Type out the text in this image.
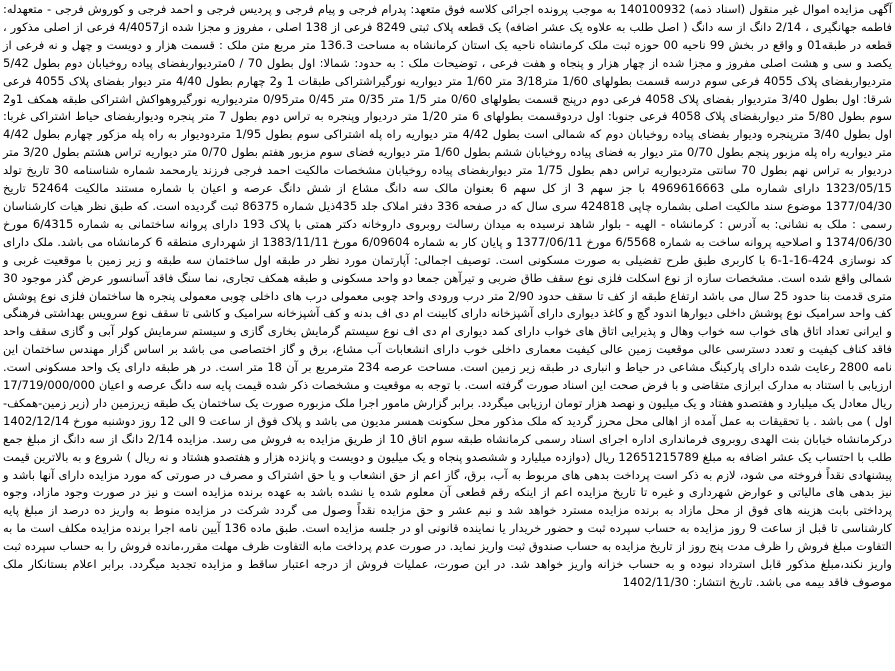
آگهی مزایده اموال غیر منقول (اسناد ذمه) 140100932 به موجب پرونده اجرائی کلاسه فوق متعهد: پدرام فرجی و پیام فرجی و پردیس فرجی و احمد فرجی و کوروش فرجی - متعهدله: فاطمه جهانگیری ، 2/14 دانگ از سه دانگ ( اصل طلب به علاوه یک عشر اضافه) یک قطعه پلاک ثبتی 8249 فرعی از 138 اصلی ، مفروز و مجزا شده از4/4057 فرعی از اصلی مذکور ، قطعه در طبقه01 و واقع در بخش 99 ناحیه 00 حوزه ثبت ملک کرمانشاه ناحیه یک استان کرمانشاه به مساحت 136.3 متر مربع متن ملک : قسمت هزار و دویست و چهل و نه فرعی از یکصد و سی و هشت اصلی مفروز و مجزا شده از چهار هزار و پنجاه و هفت فرعی ، توضیحات ملک : به حدود: شمالا: اول بطول 70 / 0مترديواربفضای پیاده روخیابان دوم بطول 5/42 متردیواربفضای پلاک 4055 فرعی سوم درسه قسمت بطولهای 1/60 متر3/18 متر 1/60 متر دیواریه نورگیراشتراکی طبقات 1 و2 چهارم بطول 4/40 متر دیوار بفضای پلاک 4055 فرعی شرقا: اول بطول 3/40 متردیوار بفضای پلاک 4058 فرعی دوم درپنج قسمت بطولهای 0/60 متر 1/5 متر 0/35 متر 0/45 متر0/95 متردیواریه نورگیروهواکش اشتراکی طبقه همکف 1و2 سوم بطول 5/80 متر دیواربفضای پلاک 4058 فرعی جنوبا: اول دردوقسمت بطولهای 6 متر 1/20 متر دردیوار وپنجره به تراس دوم بطول 7 متر پنجره وديواربفضای حیاط اشتراکی غربا: اول بطول 3/40 مترپنجره ودیوار بفضای پیاده روخیابان دوم که شمالی است بطول 4/42 متر دیواریه راه پله اشتراکی سوم بطول 1/95 متردودیوار به راه پله مزکور چهارم بطول 4/42 متر دیواریه راه پله مزبور پنجم بطول 0/70 متر دیوار به فضای پیاده روخیابان ششم بطول 1/60 متر دیواریه فضای سوم مزبور هفتم بطول 0/70 متر دیواریه تراس هشتم بطول 3/20 متر دردیوار به تراس نهم بطول 70 سانتی متردیواریه تراس دهم بطول 1/75 متر دیواربفضای پیاده روخیابان مشخصات مالکیت احمد فرجی فرزند یارمحمد شماره شناسنامه 30 تاریخ تولد 1323/05/15 دارای شماره ملی 4969616663 با جز سهم 3 از کل سهم 6 بعنوان مالک سه دانگ مشاع از شش دانگ عرصه و اعیان با شماره مستند مالکیت 52464 تاریخ 1377/04/30 موضوع سند مالکیت اصلی بشماره چاپی 424818 سری سال که در صفحه 336 دفتر املاک جلد 435ذیل شماره 86375 ثبت گردیده است. که طبق نظر هیات کارشناسان رسمی : ملک به نشانی: به آدرس : کرمانشاه - الهیه - بلوار شاهد نرسیده به میدان رسالت روبروی داروخانه دکتر همتی با پلاک 193 دارای پروانه ساختمانی به شماره 6/4315 مورخ 1374/06/30 و اصلاحیه پروانه ساخت به شماره 6/5568 مورخ 1377/06/11 و پایان کار به شماره 6/09604 مورخ 1383/11/11 از شهرداری منطقه 6 کرمانشاه می باشد. ملک دارای کد نوسازی 424-16-1-6 با کاربری طبق طرح تفضیلی به صورت مسکونی است. توصیف اجمالی: آپارتمان مورد نظر در طبقه اول ساختمان سه طبقه و زیر زمین با موقعیت غربی و شمالی واقع شده است. مشخصات سازه از نوع اسکلت فلزی نوع سقف طاق ضربی و تیرآهن جمعا دو واحد مسکونی و طبقه همکف تجاری، نما سنگ فاقد آسانسور عرض گذر موجود 30 متری قدمت بنا حدود 25 سال می باشد ارتفاع طبقه از کف تا سقف حدود 2/90 متر درب ورودی واحد چوبی معمولی درب های داخلی چوبی معمولی پنجره ها ساختمان فلزی نوع پوشش کف واحد سرامیک نوع پوشش داخلی دیوارها اندود گچ و کاغذ دیواری دارای آشپزخانه دارای کابینت ام دی اف بدنه و کف آشپزخانه سرامیک و کاشی تا سقف نوع سرویس بهداشتی فرهنگی و ایرانی تعداد اتاق های خواب سه خواب وهال و پذیرایی اتاق های خواب دارای کمد دیواری ام دی اف نوع سیستم گرمایش بخاری گازی و سیستم سرمایش کولر آبی و گازی سقف واحد فاقد کناف کیفیت و تعدد دسترسی عالی موقعیت زمین عالی کیفیت معماری داخلی خوب دارای انشعابات آب مشاع، برق و گاز اختصاصی می باشد بر اساس گزار مهندس ساختمان این نامه 2800 رعایت شده دارای پارکینگ مشاعی در حیاط و انباری در طبقه زیر زمین است. مساحت عرصه 234 مترمربع بر آن 18 متر است. در هر طبقه دارای یک واحد مسکونی است. ارزیابی با استناد به مدارک ابرازی متقاضی و با فرض صحت این اسناد صورت گرفته است. با توجه به موقعیت و مشخصات ذکر شده قیمت پایه سه دانگ عرصه و اعیان 17/719/000/000 ریال معادل یک میلیارد و هفتصدو هفتاد و یک میلیون و نهصد هزار تومان ارزیابی میگردد. برابر گزارش مامور اجرا ملک مزبوره صورت یک ساختمان یک طبقه زیرزمین دار (زیر زمین-همکف-اول ) می باشد . با تحقیقات به عمل آمده از اهالی محل محرز گردید که ملک مذکور محل سکونت همسر مدیون می باشد و پلاک فوق از ساعت 9 الی 12 روز دوشنبه مورخ 1402/12/14 درکرمانشاه خیابان بنت الهدی روبروی فرمانداری اداره اجرای اسناد رسمی کرمانشاه طبقه سوم اتاق 10 از طریق مزایده به فروش می رسد. مزایده 2/14 دانگ از سه دانگ از مبلغ جمع طلب با احتساب یک عشر اضافه به مبلغ 12651215789 ریال (دوازده میلیارد و ششصدو پنجاه و یک میلیون و دویست و پانزده هزار و هفتصدو هشتاد و نه ریال ) شروع و به بالاترین قیمت پیشنهادی نقداً فروخته می شود، لازم به ذکر است پرداخت بدهی های مربوط به آب، برق، گاز اعم از حق انشعاب و یا حق اشتراک و مصرف در صورتی که مورد مزایده دارای آنها باشد و نیز بدهی های مالیاتی و عوارض شهرداری و غیره تا تاریخ مزایده اعم از اینکه رقم قطعی آن معلوم شده یا نشده باشد به عهده برنده مزایده است و نیز در صورت وجود مازاد، وجوه پرداختی بابت هزینه های فوق از محل مازاد به برنده مزایده مسترد خواهد شد و نیم عشر و حق مزایده نقداً وصول می گردد شرکت در مزایده منوط به واریز ده درصد از مبلغ پایه کارشناسی تا قبل از ساعت 9 روز مزایده به حساب سپرده ثبت و حضور خریدار یا نماینده قانونی او در جلسه مزایده است. طبق ماده 136 آیین نامه اجرا برنده مزایده مکلف است ما به التفاوت مبلغ فروش را ظرف مدت پنج روز از تاریخ مزایده به حساب صندوق ثبت واریز نماید. در صورت عدم پرداخت مابه التفاوت ظرف مهلت مقرر،مانده فروش را به حساب سپرده ثبت واریز نکند،مبلغ مذکور قابل استرداد نبوده و به حساب خزانه واریز خواهد شد. در این صورت، عملیات فروش از درجه اعتبار ساقط و مزایده تجدید میگردد. برابر اعلام بستانکار ملک موصوف فاقد بیمه می باشد. تاریخ انتشار: 1402/11/30
